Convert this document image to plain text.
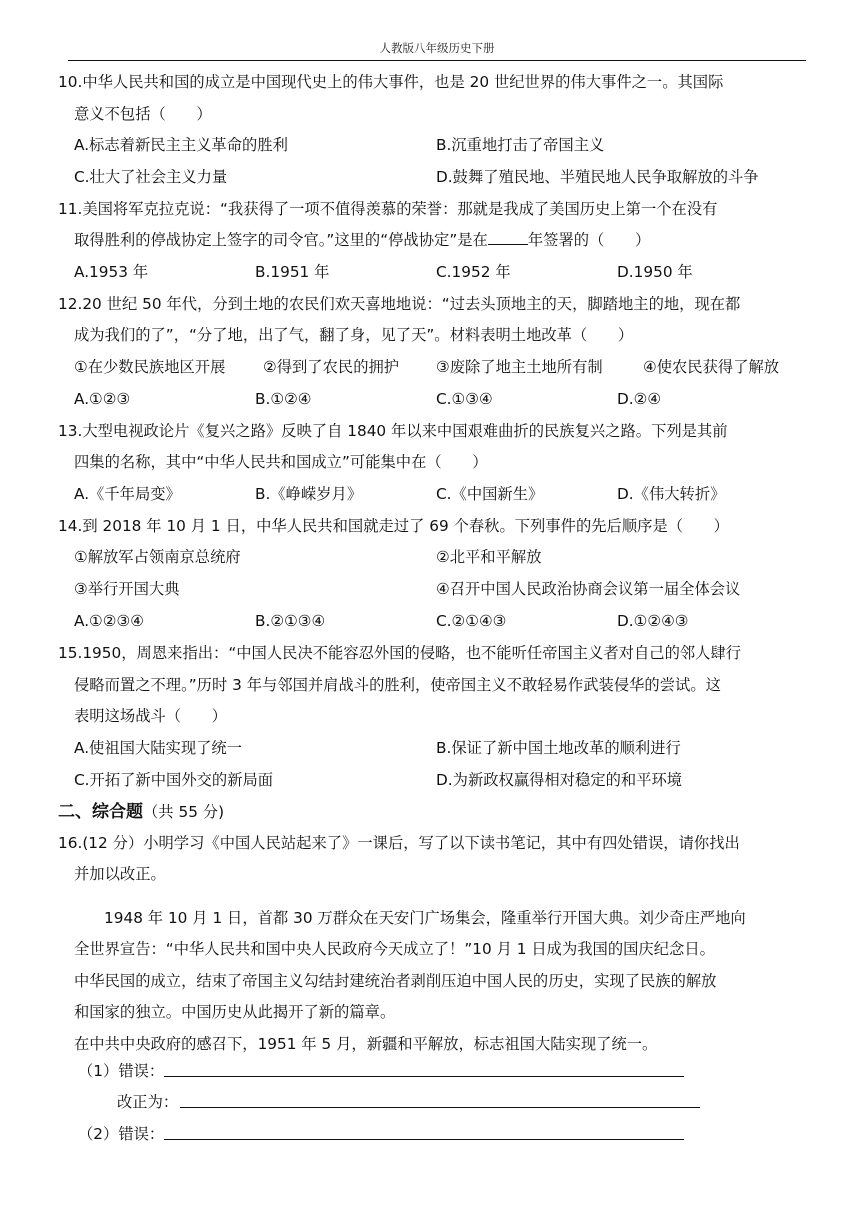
人教版八年级历史下册
10.中华人民共和国的成立是中国现代史上的伟大事件，也是 20 世纪世界的伟大事件之一。其国际
意义不包括（　　）
A.标志着新民主主义革命的胜利	B.沉重地打击了帝国主义
C.壮大了社会主义力量	D.鼓舞了殖民地、半殖民地人民争取解放的斗争
11.美国将军克拉克说：“我获得了一项不值得羡慕的荣誉：那就是我成了美国历史上第一个在没有
取得胜利的停战协定上签字的司令官。”这里的“停战协定”是在	年签署的（　　）
A.1953 年	B.1951 年	C.1952 年	D.1950 年
12.20 世纪 50 年代，分到土地的农民们欢天喜地地说：“过去头顶地主的天，脚踏地主的地，现在都
成为我们的了”，“分了地，出了气，翻了身，见了天”。材料表明土地改革（　　）
①在少数民族地区开展 ②得到了农民的拥护 ③废除了地主土地所有制	④使农民获得了解放
A.①②③	B.①②④	C.①③④	D.②④
13.大型电视政论片《复兴之路》反映了自 1840 年以来中国艰难曲折的民族复兴之路。下列是其前
四集的名称，其中“中华人民共和国成立”可能集中在（　　）
A.《千年局变》	B.《峥嵘岁月》	C.《中国新生》	D.《伟大转折》
14.到 2018 年 10 月 1 日，中华人民共和国就走过了 69 个春秋。下列事件的先后顺序是（　　）
①解放军占领南京总统府	②北平和平解放
③举行开国大典	④召开中国人民政治协商会议第一届全体会议
A.①②③④	B.②①③④	C.②①④③	D.①②④③
15.1950，周恩来指出：“中国人民决不能容忍外国的侵略，也不能听任帝国主义者对自己的邻人肆行
侵略而置之不理。”历时 3 年与邻国并肩战斗的胜利，使帝国主义不敢轻易作武装侵华的尝试。这
表明这场战斗（　　）
A.使祖国大陆实现了统一	B.保证了新中国土地改革的顺利进行
C.开拓了新中国外交的新局面	D.为新政权赢得相对稳定的和平环境
二、综合题（共 55 分)
16.(12 分）小明学习《中国人民站起来了》一课后，写了以下读书笔记，其中有四处错误，请你找出
并加以改正。
1948 年 10 月 1 日，首都 30 万群众在天安门广场集会，隆重举行开国大典。刘少奇庄严地向
全世界宣告：“中华人民共和国中央人民政府今天成立了！”10 月 1 日成为我国的国庆纪念日。
中华民国的成立，结束了帝国主义勾结封建统治者剥削压迫中国人民的历史，实现了民族的解放
和国家的独立。中国历史从此揭开了新的篇章。
在中共中央政府的感召下，1951 年 5 月，新疆和平解放，标志祖国大陆实现了统一。
（1）错误：
改正为：
（2）错误：
